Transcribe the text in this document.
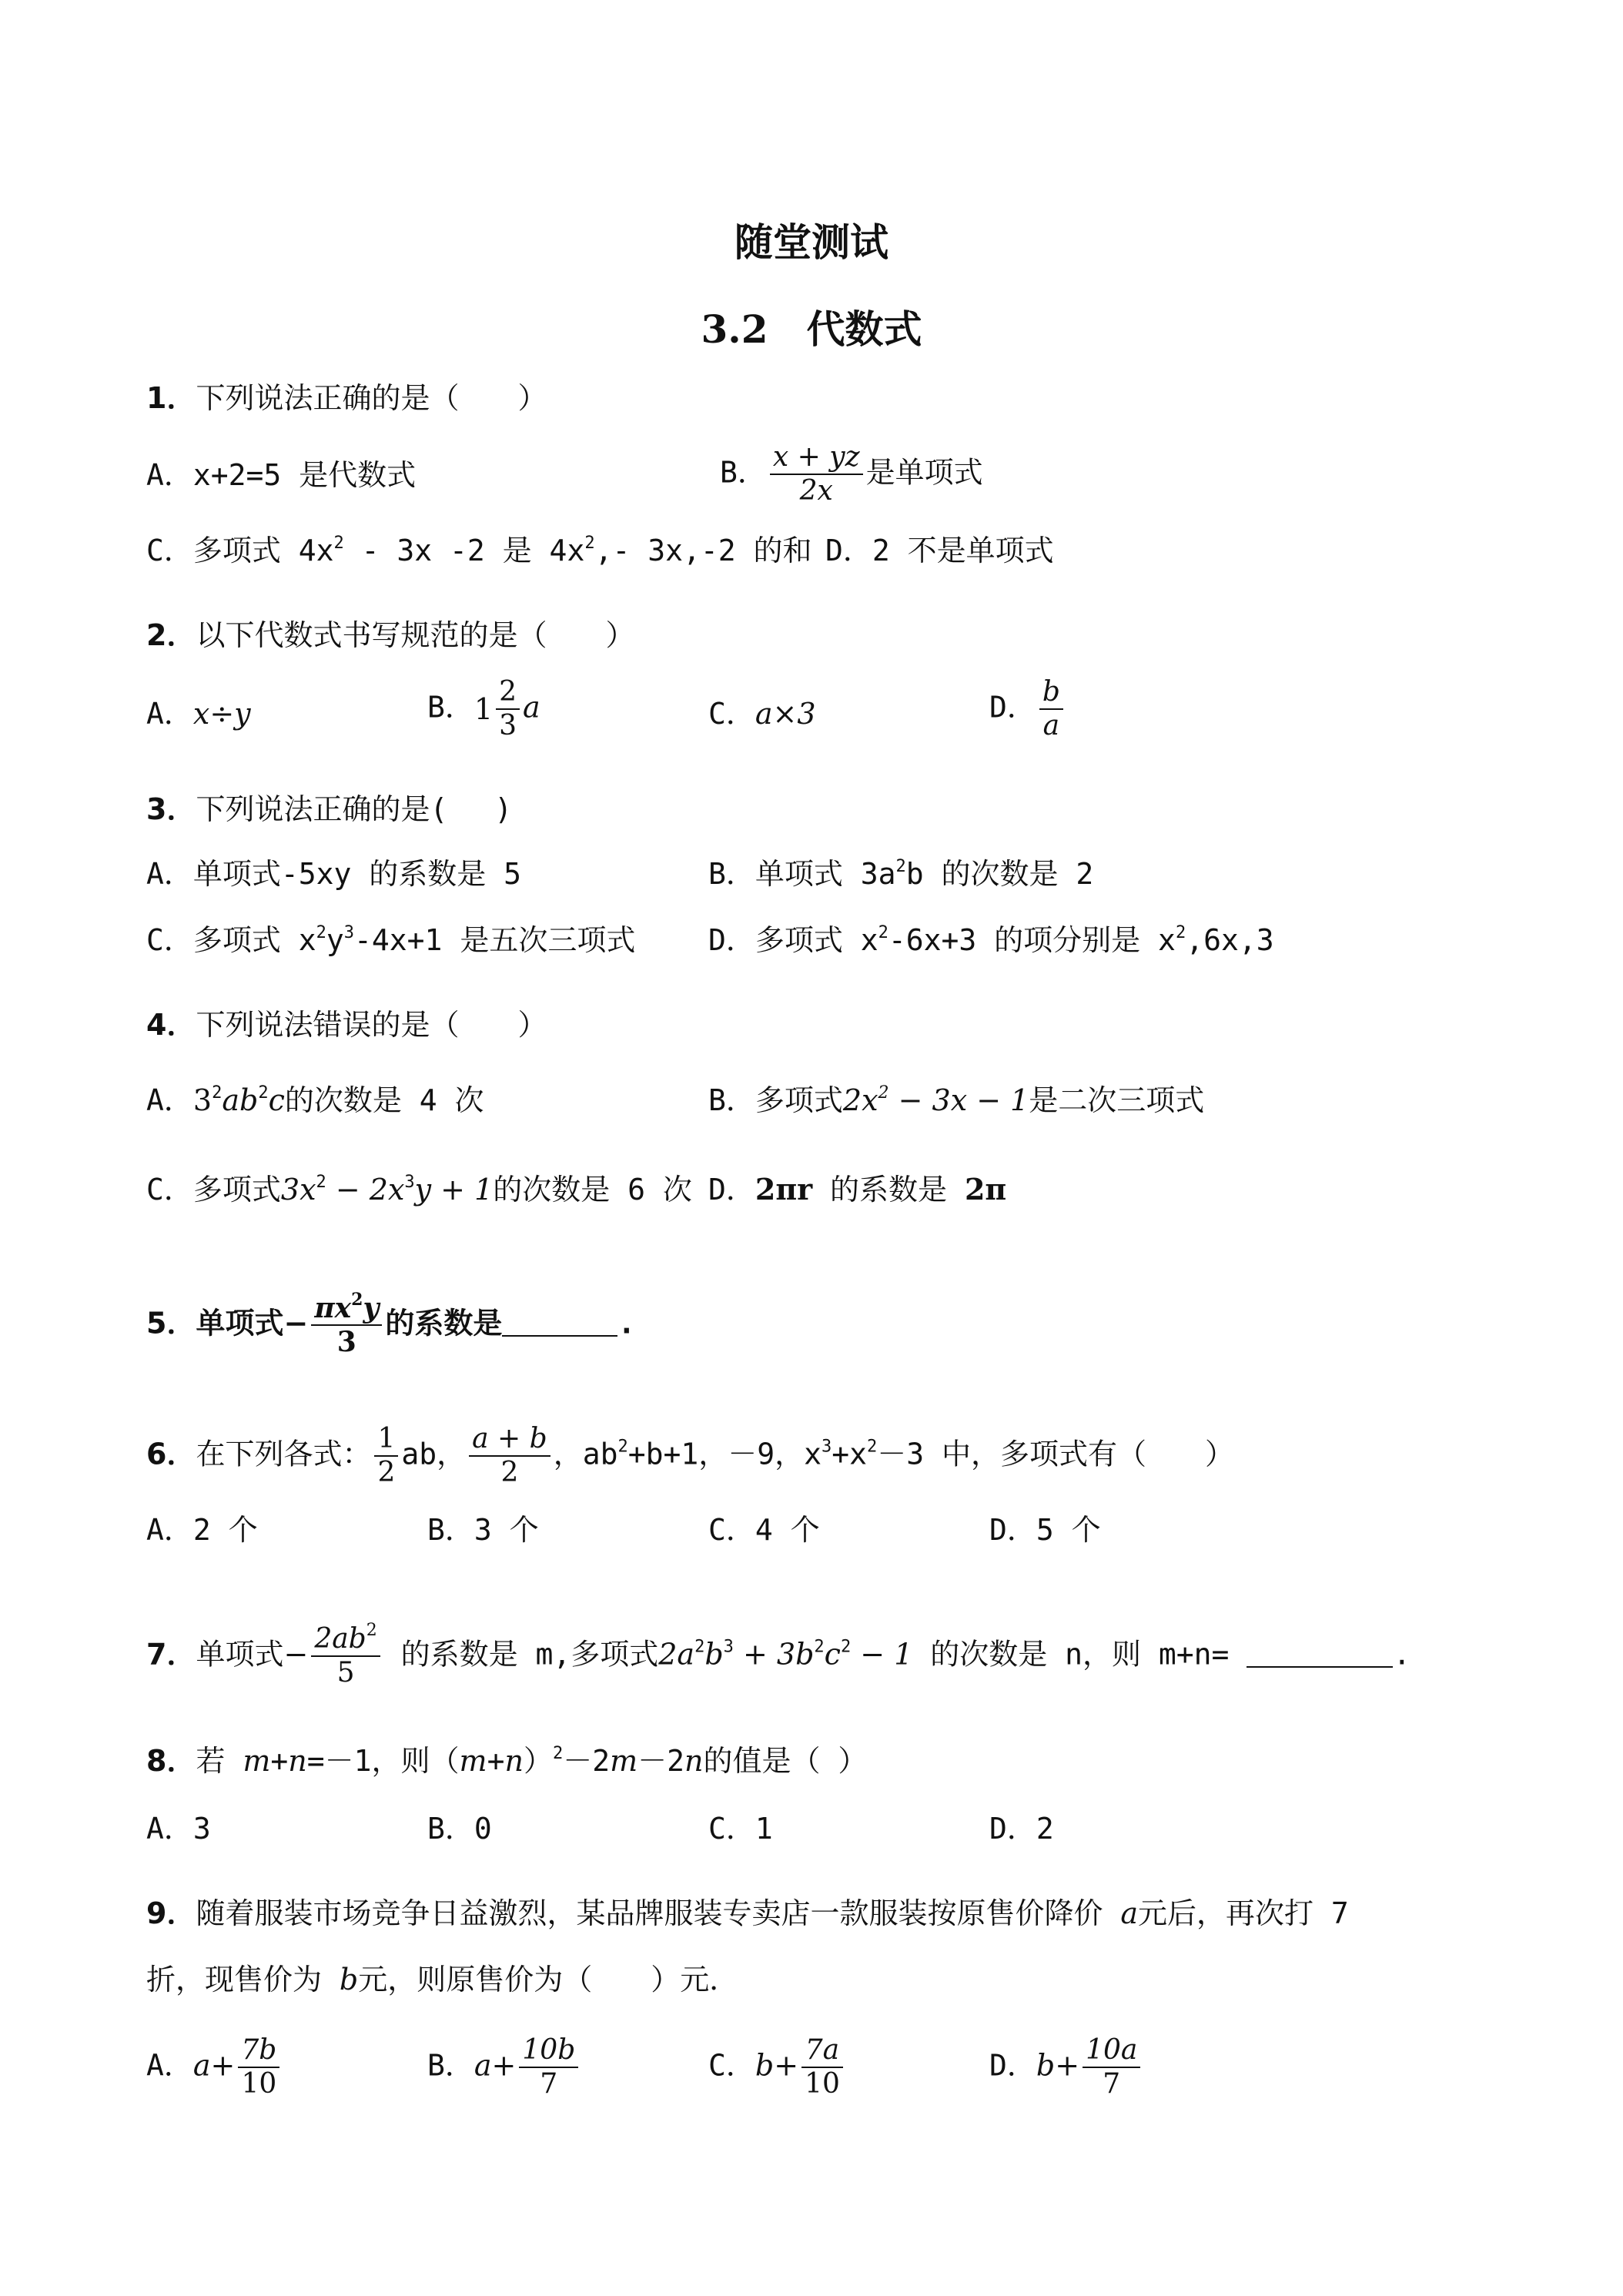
随堂测试
3.2　代数式
1．下列说法正确的是（　　）
A．x+2=5 是代数式	B． $\frac{x + yz}{2x}$ 是单项式
C．多项式 $4x^2 - 3x$ -2 是 $4x^2,-$ 3x,-2 的和 D．2 不是单项式
2．以下代数式书写规范的是（　　）
A．x÷y	B．$1 \frac{2}{3}$ a	C．a×3	D． $\frac{b}{a}$
3．下列说法正确的是(　 )
A．单项式-5xy 的系数是 5	B．单项式 $3a^2b$ 的次数是 2
C．多项式 $x^2y^3-4x+1$ 是五次三项式 D．多项式 $x^2-6x+3$ 的项分别是 $x^2,6x,3$
4．下列说法错误的是（　　）
A．$3^2ab^2c$的次数是 4 次	B．多项式$2x^2 - 3x - 1$是二次三项式
C．多项式$3x^2 - 2x^3y + 1$的次数是 6 次 D．2πr 的系数是 2π
5．单项式− $\frac{\pi x^2y}{3}$ 的系数是	.
6．在下列各式： $\frac{1}{2}$ ab， $\frac{a + b}{2}$ ，$ab^2+b+1$，－9，$x^3+x^2-3$ 中，多项式有（　　）
A．2 个	B．3 个	C．4 个	D．5 个
7．单项式− $\frac{2ab^2}{5}$ 的系数是 m,多项式$2a^2b^3 + 3b^2c^2 - 1$ 的次数是 n，则 m+n=	.
8．若 m+n=－1，则$(m+n)^2-2m-2n$的值是（ ）
A．3	B．0	C．1	D．2
9．随着服装市场竞争日益激烈，某品牌服装专卖店一款服装按原售价降价 a元后，再次打 7
折，现售价为 b元，则原售价为（　　）元．
A．$a+ \frac{7b}{10}$	B．$a+ \frac{10b}{7}$	C．$b+ \frac{7a}{10}$	D．$b+ \frac{10a}{7}$
